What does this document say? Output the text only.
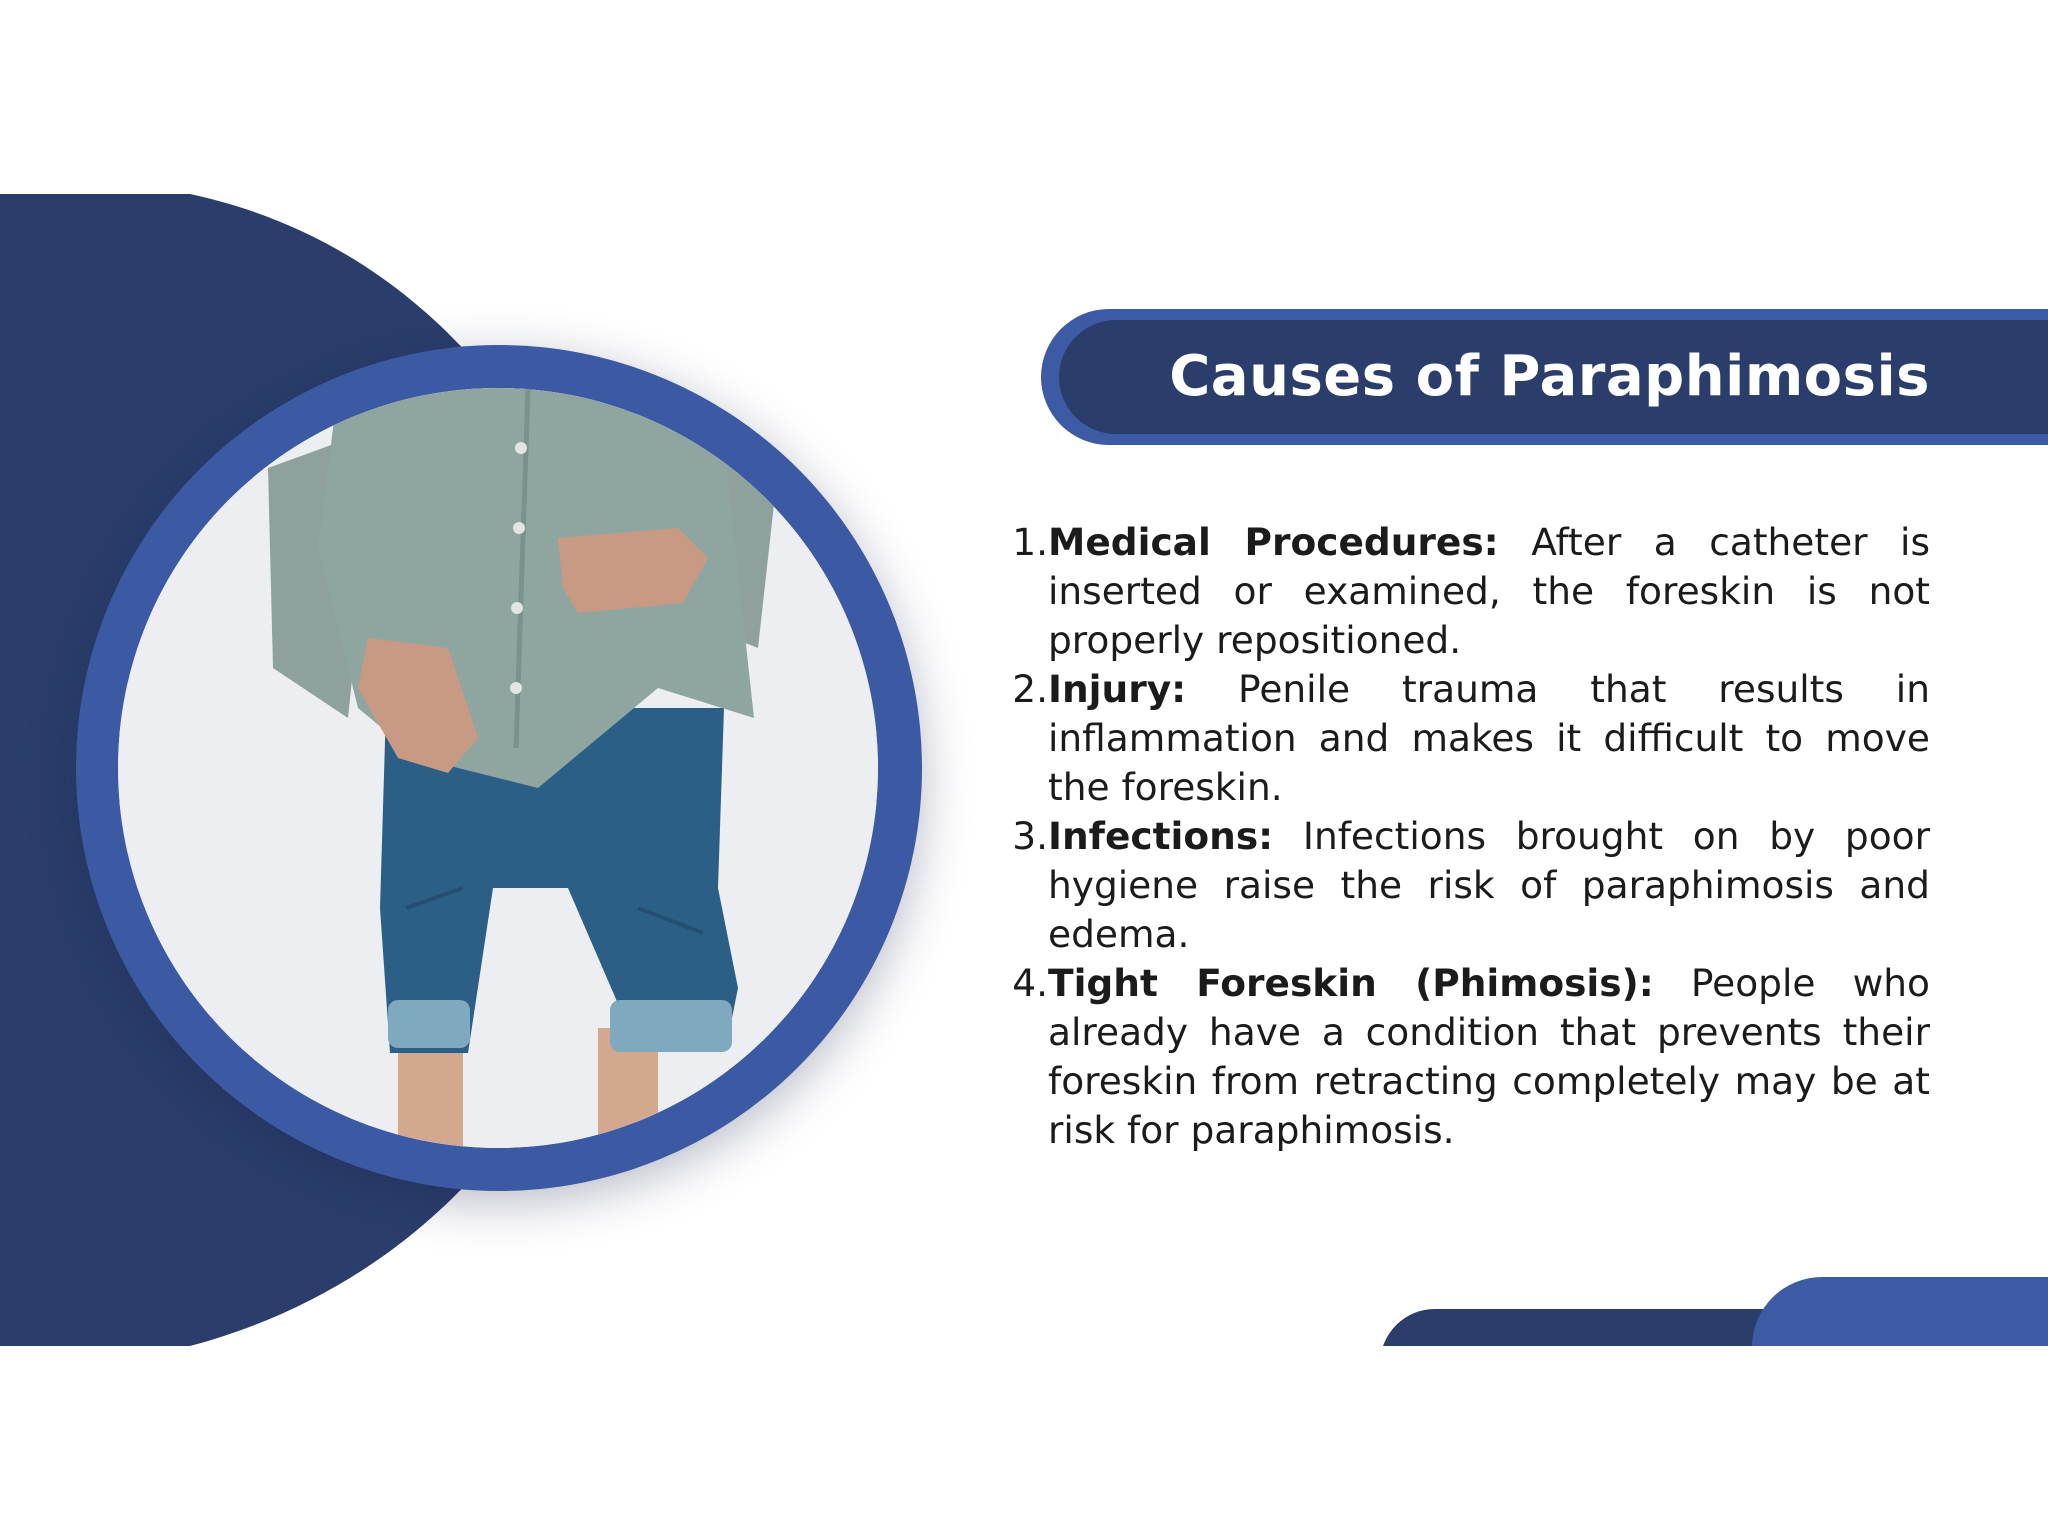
Causes of Paraphimosis
1. Medical Procedures: After a catheter is inserted or examined, the foreskin is not properly repositioned.
2. Injury: Penile trauma that results in inflammation and makes it difficult to move the foreskin.
3. Infections: Infections brought on by poor hygiene raise the risk of paraphimosis and edema.
4. Tight Foreskin (Phimosis): People who already have a condition that prevents their foreskin from retracting completely may be at risk for paraphimosis.
